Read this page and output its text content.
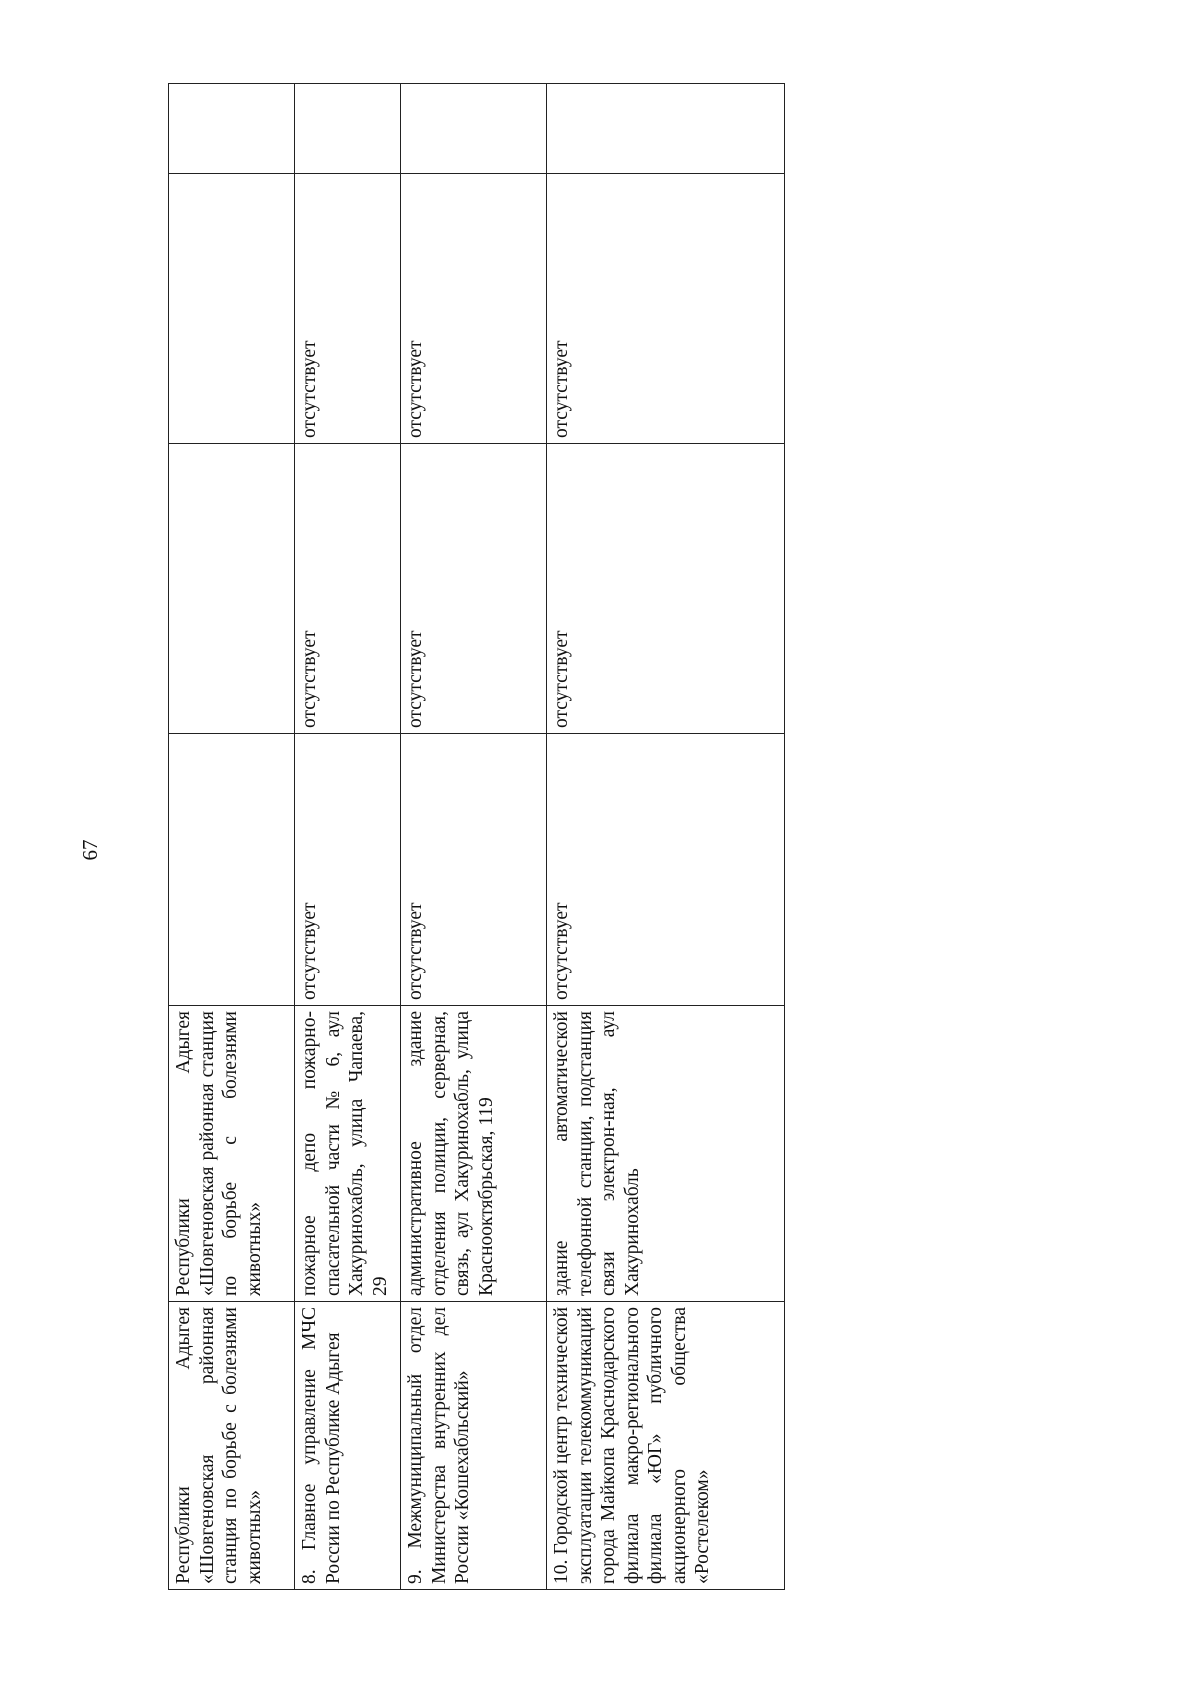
67
Республики Адыгея «Шовгеновская районная станция по борьбе с болезнями животных»	Республики Адыгея «Шовгеновская районная станция по борьбе с болезнями животных»				
8. Главное управление МЧС России по Республике Адыгея	пожарное депо пожарно-спасательной части № 6, аул Хакуринохабль, улица Чапаева, 29	отсутствует	отсутствует	отсутствует	
9. Межмуниципальный отдел Министерства внутренних дел России «Кошехабльский»	административное здание отделения полиции, серверная, связь, аул Хакуринохабль, улица Краснооктябрьская, 119	отсутствует	отсутствует	отсутствует	
10. Городской центр технической эксплуатации телекоммуникаций города Майкопа Краснодарского филиала макро-регионального филиала «ЮГ» публичного акционерного общества «Ростелеком»	здание автоматической телефонной станции, подстанция связи электрон-ная, аул Хакуринохабль	отсутствует	отсутствует	отсутствует	
